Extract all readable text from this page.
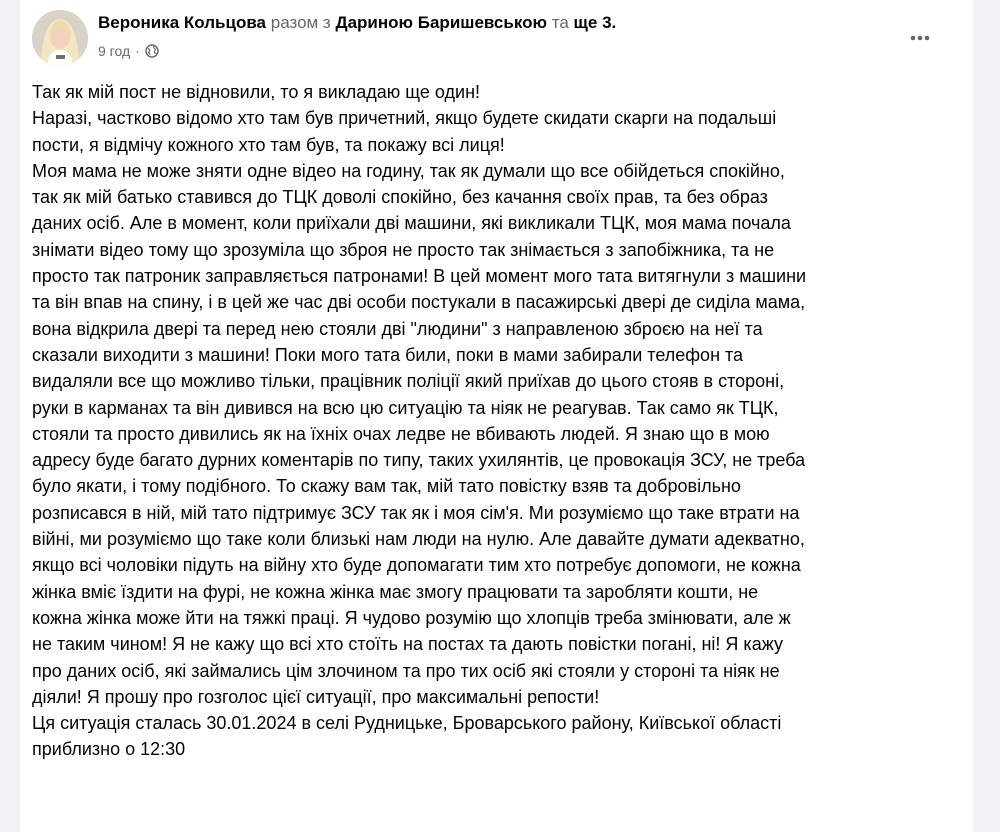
Вероника Кольцова разом з Дариною Баришевською та ще 3.
9 год ·

Так як мій пост не відновили, то я викладаю ще один!

Наразі, частково відомо хто там був причетний, якщо будете скидати скарги на подальші

пости, я відмічу кожного хто там був, та покажу всі лиця!

Моя мама не може зняти одне відео на годину, так як думали що все обійдеться спокійно,

так як мій батько ставився до ТЦК доволі спокійно, без качання своїх прав, та без образ

даних осіб. Але в момент, коли приїхали дві машини, які викликали ТЦК, моя мама почала

знімати відео тому що зрозуміла що зброя не просто так знімається з запобіжника, та не

просто так патроник заправляється патронами! В цей момент мого тата витягнули з машини

та він впав на спину, і в цей же час дві особи постукали в пасажирські двері де сиділа мама,

вона відкрила двері та перед нею стояли дві "людини" з направленою зброєю на неї та

сказали виходити з машини! Поки мого тата били, поки в мами забирали телефон та

видаляли все що можливо тільки, працівник поліції який приїхав до цього стояв в стороні,

руки в карманах та він дивився на всю цю ситуацію та ніяк не реагував. Так само як ТЦК,

стояли та просто дивились як на їхніх очах ледве не вбивають людей. Я знаю що в мою

адресу буде багато дурних коментарів по типу, таких ухилянтів, це провокація ЗСУ, не треба

було якати, і тому подібного. То скажу вам так, мій тато повістку взяв та добровільно

розписався в ній, мій тато підтримує ЗСУ так як і моя сім'я. Ми розуміємо що таке втрати на

війні, ми розуміємо що таке коли близькі нам люди на нулю. Але давайте думати адекватно,

якщо всі чоловіки підуть на війну хто буде допомагати тим хто потребує допомоги, не кожна

жінка вміє їздити на фурі, не кожна жінка має змогу працювати та заробляти кошти, не

кожна жінка може йти на тяжкі праці. Я чудово розумію що хлопців треба змінювати, але ж

не таким чином! Я не кажу що всі хто стоїть на постах та дають повістки погані, ні! Я кажу

про даних осіб, які займались цім злочином та про тих осіб які стояли у стороні та ніяк не

діяли! Я прошу про гозголос цієї ситуації, про максимальні репости!

Ця ситуація сталась 30.01.2024 в селі Рудницьке, Броварського району, Київської області

приблизно о 12:30
